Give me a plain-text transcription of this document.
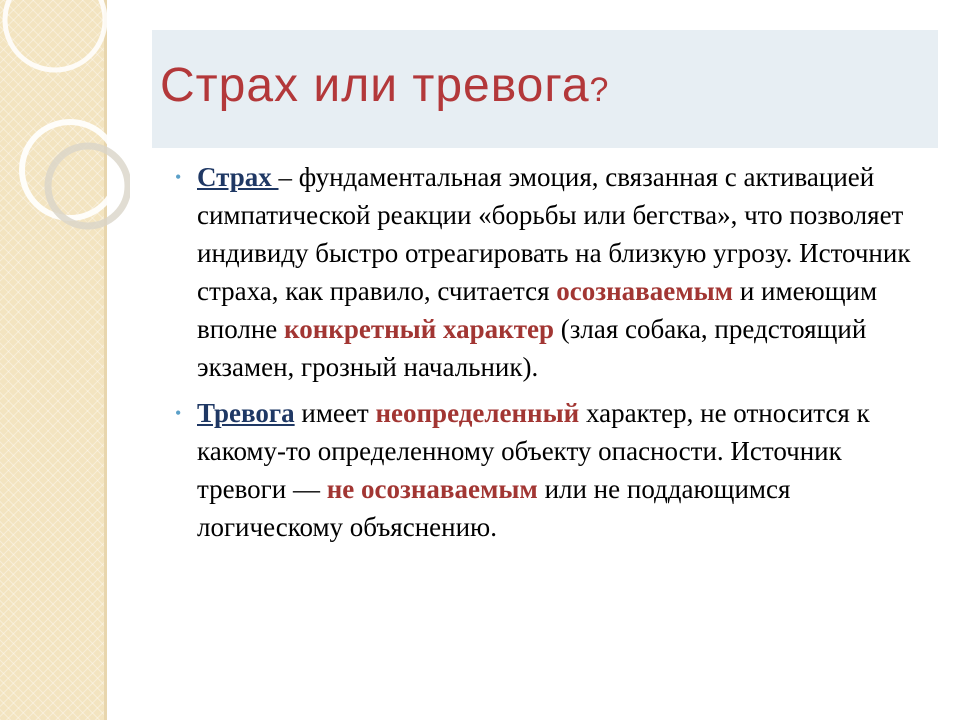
Страх или тревога?

• Страх – фундаментальная эмоция, связанная с активацией симпатической реакции «борьбы или бегства», что позволяет индивиду быстро отреагировать на близкую угрозу. Источник страха, как правило, считается осознаваемым и имеющим вполне конкретный характер (злая собака, предстоящий экзамен, грозный начальник).

• Тревога имеет неопределенный характер, не относится к какому-то определенному объекту опасности. Источник тревоги — не осознаваемым или не поддающимся логическому объяснению.
